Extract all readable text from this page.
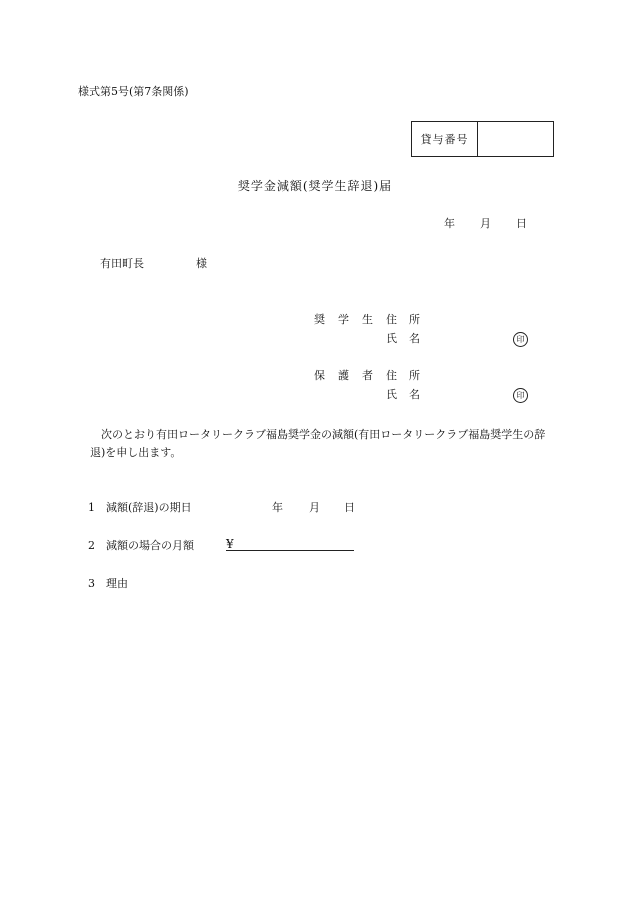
様式第5号(第7条関係)
貸与番号
奨学金減額(奨学生辞退)届
年 月 日
有田町長	様
奨 学 生 住 所
氏 名	印
保 護 者 住 所
氏 名	印
次のとおり有田ロータリークラブ福島奨学金の減額(有田ロータリークラブ福島奨学生の辞退)を申し出ます。
1 減額(辞退)の期日	年 月 日
2 減額の場合の月額	¥
3 理由
